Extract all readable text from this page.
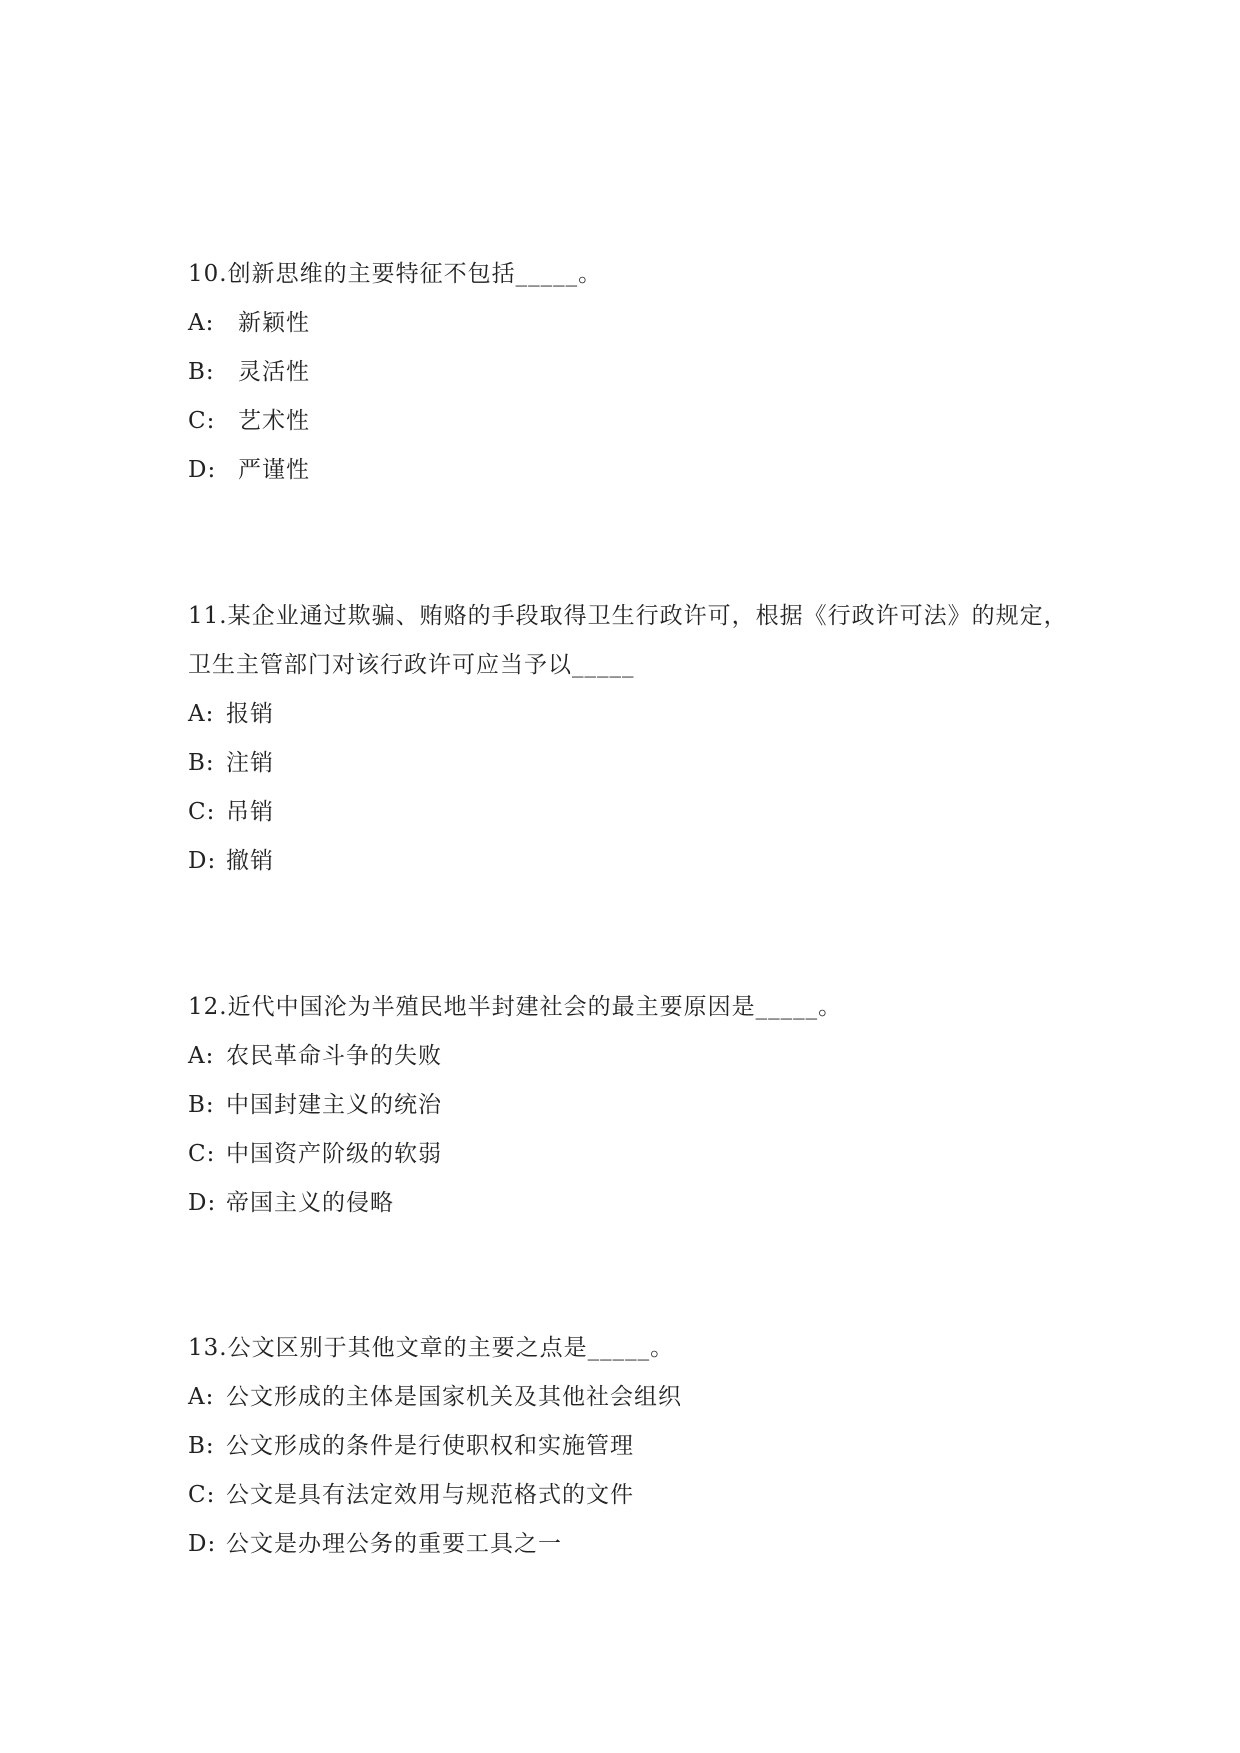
10.创新思维的主要特征不包括_____。

A: 新颖性

B: 灵活性

C: 艺术性

D: 严谨性

11.某企业通过欺骗、贿赂的手段取得卫生行政许可，根据《行政许可法》的规定，卫生主管部门对该行政许可应当予以_____

A: 报销

B: 注销

C: 吊销

D: 撤销

12.近代中国沦为半殖民地半封建社会的最主要原因是_____。

A: 农民革命斗争的失败

B: 中国封建主义的统治

C: 中国资产阶级的软弱

D: 帝国主义的侵略

13.公文区别于其他文章的主要之点是_____。

A: 公文形成的主体是国家机关及其他社会组织

B: 公文形成的条件是行使职权和实施管理

C: 公文是具有法定效用与规范格式的文件

D: 公文是办理公务的重要工具之一
